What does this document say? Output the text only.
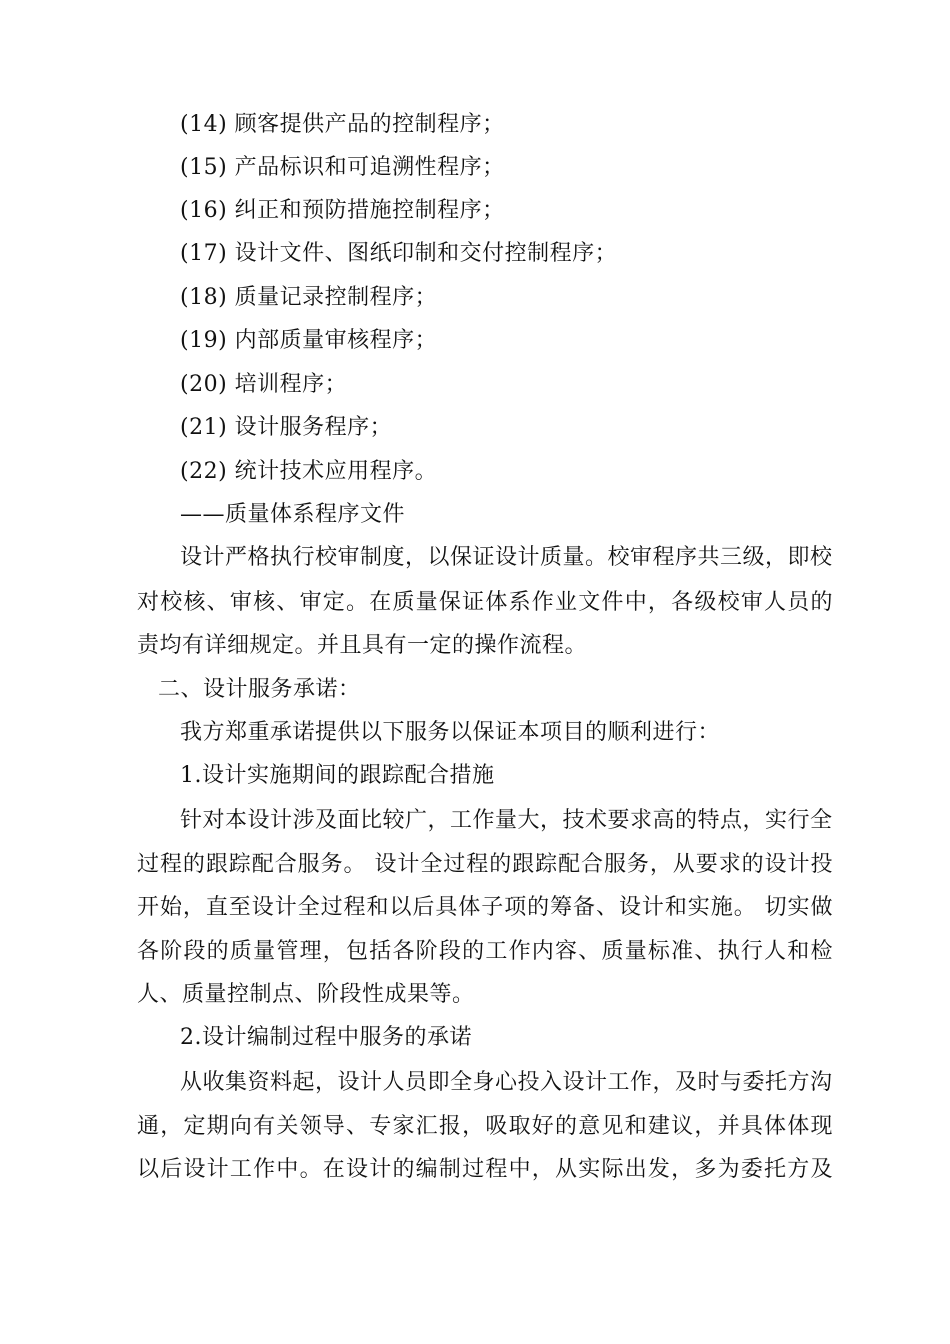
(14) 顾客提供产品的控制程序；
(15) 产品标识和可追溯性程序；
(16) 纠正和预防措施控制程序；
(17) 设计文件、图纸印制和交付控制程序；
(18) 质量记录控制程序；
(19) 内部质量审核程序；
(20) 培训程序；
(21) 设计服务程序；
(22) 统计技术应用程序。
——质量体系程序文件
设计严格执行校审制度，以保证设计质量。校审程序共三级，即校
对校核、审核、审定。在质量保证体系作业文件中，各级校审人员的
责均有详细规定。并且具有一定的操作流程。
二、设计服务承诺：
我方郑重承诺提供以下服务以保证本项目的顺利进行：
1.设计实施期间的跟踪配合措施
针对本设计涉及面比较广，工作量大，技术要求高的特点，实行全
过程的跟踪配合服务。 设计全过程的跟踪配合服务，从要求的设计投
开始，直至设计全过程和以后具体子项的筹备、设计和实施。 切实做
各阶段的质量管理，包括各阶段的工作内容、质量标准、执行人和检
人、质量控制点、阶段性成果等。
2.设计编制过程中服务的承诺
从收集资料起，设计人员即全身心投入设计工作，及时与委托方沟
通，定期向有关领导、专家汇报，吸取好的意见和建议，并具体体现
以后设计工作中。在设计的编制过程中，从实际出发，多为委托方及
